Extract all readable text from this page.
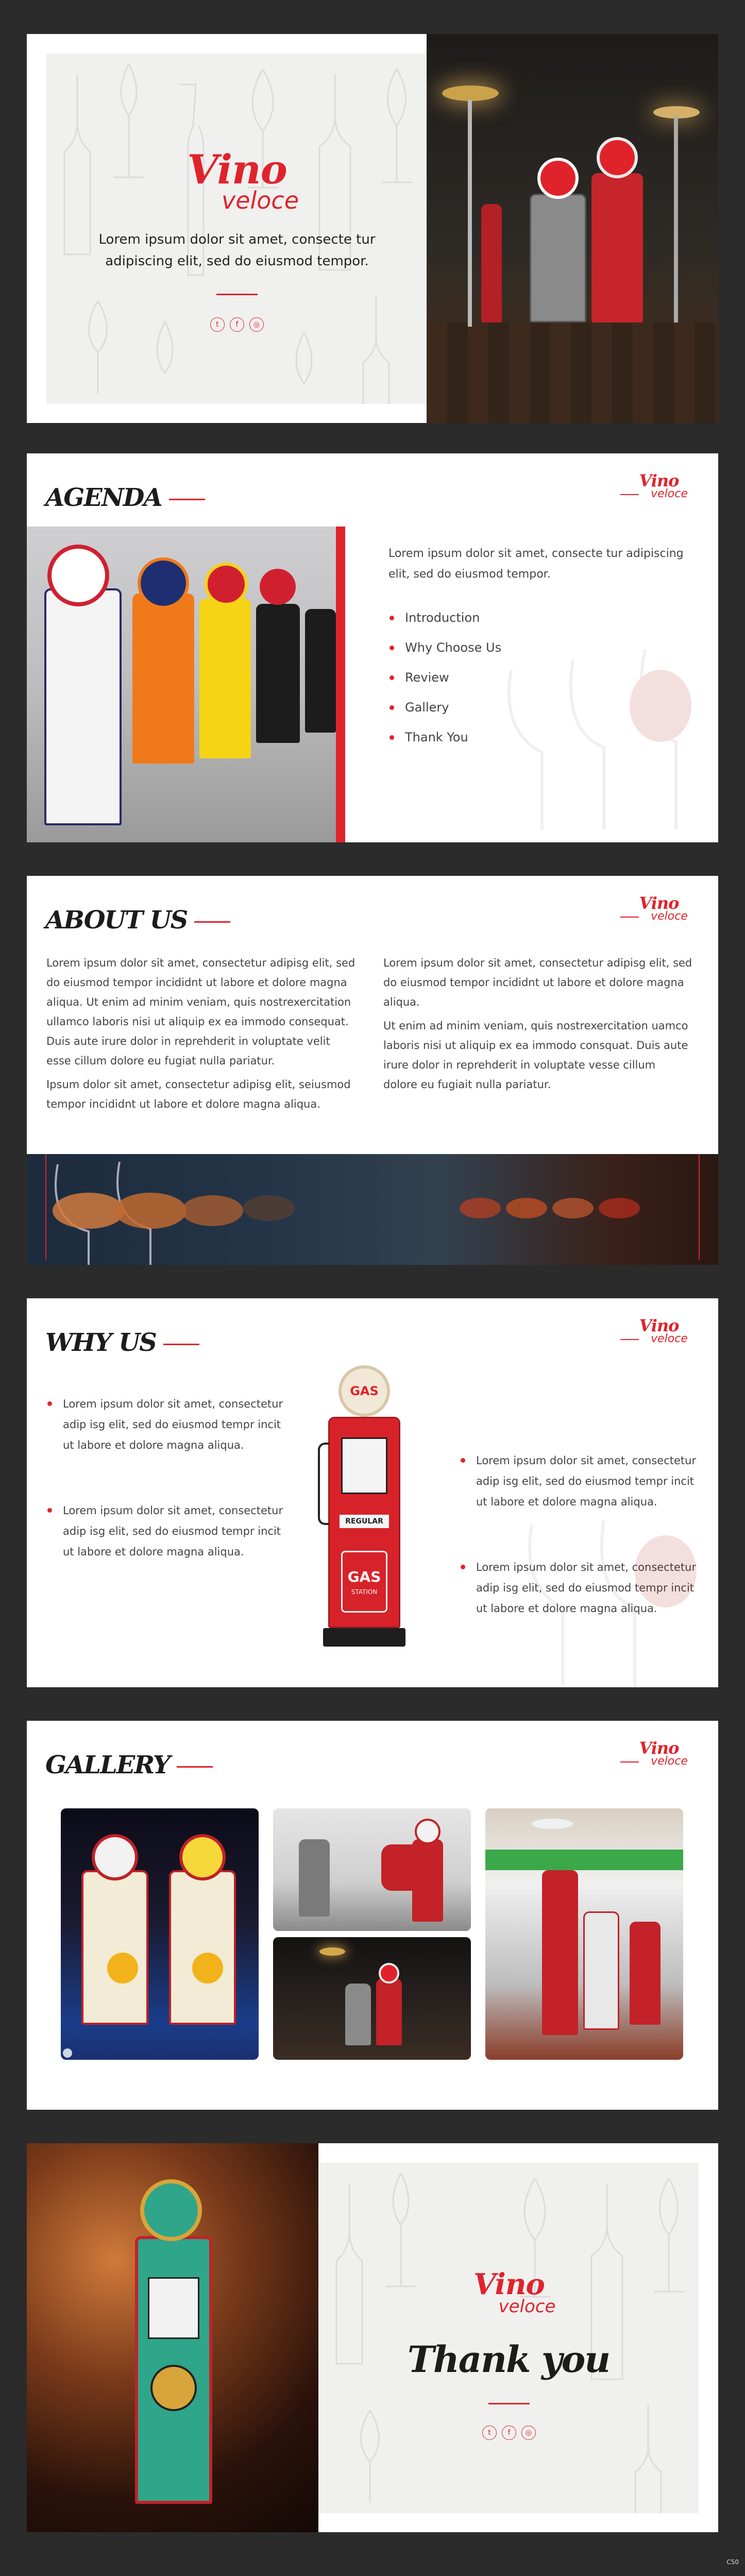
Vino
veloce

Lorem ipsum dolor sit amet, consecte tur adipiscing elit, sed do eiusmod tempor.

t	f	◎
AGENDA
Vino
veloce

Lorem ipsum dolor sit amet, consecte tur adipiscing elit, sed do eiusmod tempor.

Introduction
Why Choose Us
Review
Gallery
Thank You
ABOUT US
Vino
veloce

Lorem ipsum dolor sit amet, consectetur adipisg elit, sed do eiusmod tempor incididnt ut labore et dolore magna aliqua. Ut enim ad minim veniam, quis nostrexercitation ullamco laboris nisi ut aliquip ex ea immodo consequat. Duis aute irure dolor in reprehderit in voluptate velit esse cillum dolore eu fugiat nulla pariatur.

Ipsum dolor sit amet, consectetur adipisg elit, seiusmod tempor incididnt ut labore et dolore magna aliqua.

Lorem ipsum dolor sit amet, consectetur adipisg elit, sed do eiusmod tempor incididnt ut labore et dolore magna aliqua.

Ut enim ad minim veniam, quis nostrexercitation uamco laboris nisi ut aliquip ex ea immodo consquat. Duis aute irure dolor in reprehderit in voluptate vesse cillum dolore eu fugiait nulla pariatur.

WHY US
Vino
veloce

Lorem ipsum dolor sit amet, consectetur adip isg elit, sed do eiusmod tempr incit ut labore et dolore magna aliqua.

Lorem ipsum dolor sit amet, consectetur adip isg elit, sed do eiusmod tempr incit ut labore et dolore magna aliqua.

Lorem ipsum dolor sit amet, consectetur adip isg elit, sed do eiusmod tempr incit ut labore et dolore magna aliqua.

Lorem ipsum dolor sit amet, consectetur adip isg elit, sed do eiusmod tempr incit ut labore et dolore magna aliqua.

GAS
REGULAR
GAS
STATION
GALLERY
Vino
veloce
Vino
veloce
Thank you
t	f	◎
C50
